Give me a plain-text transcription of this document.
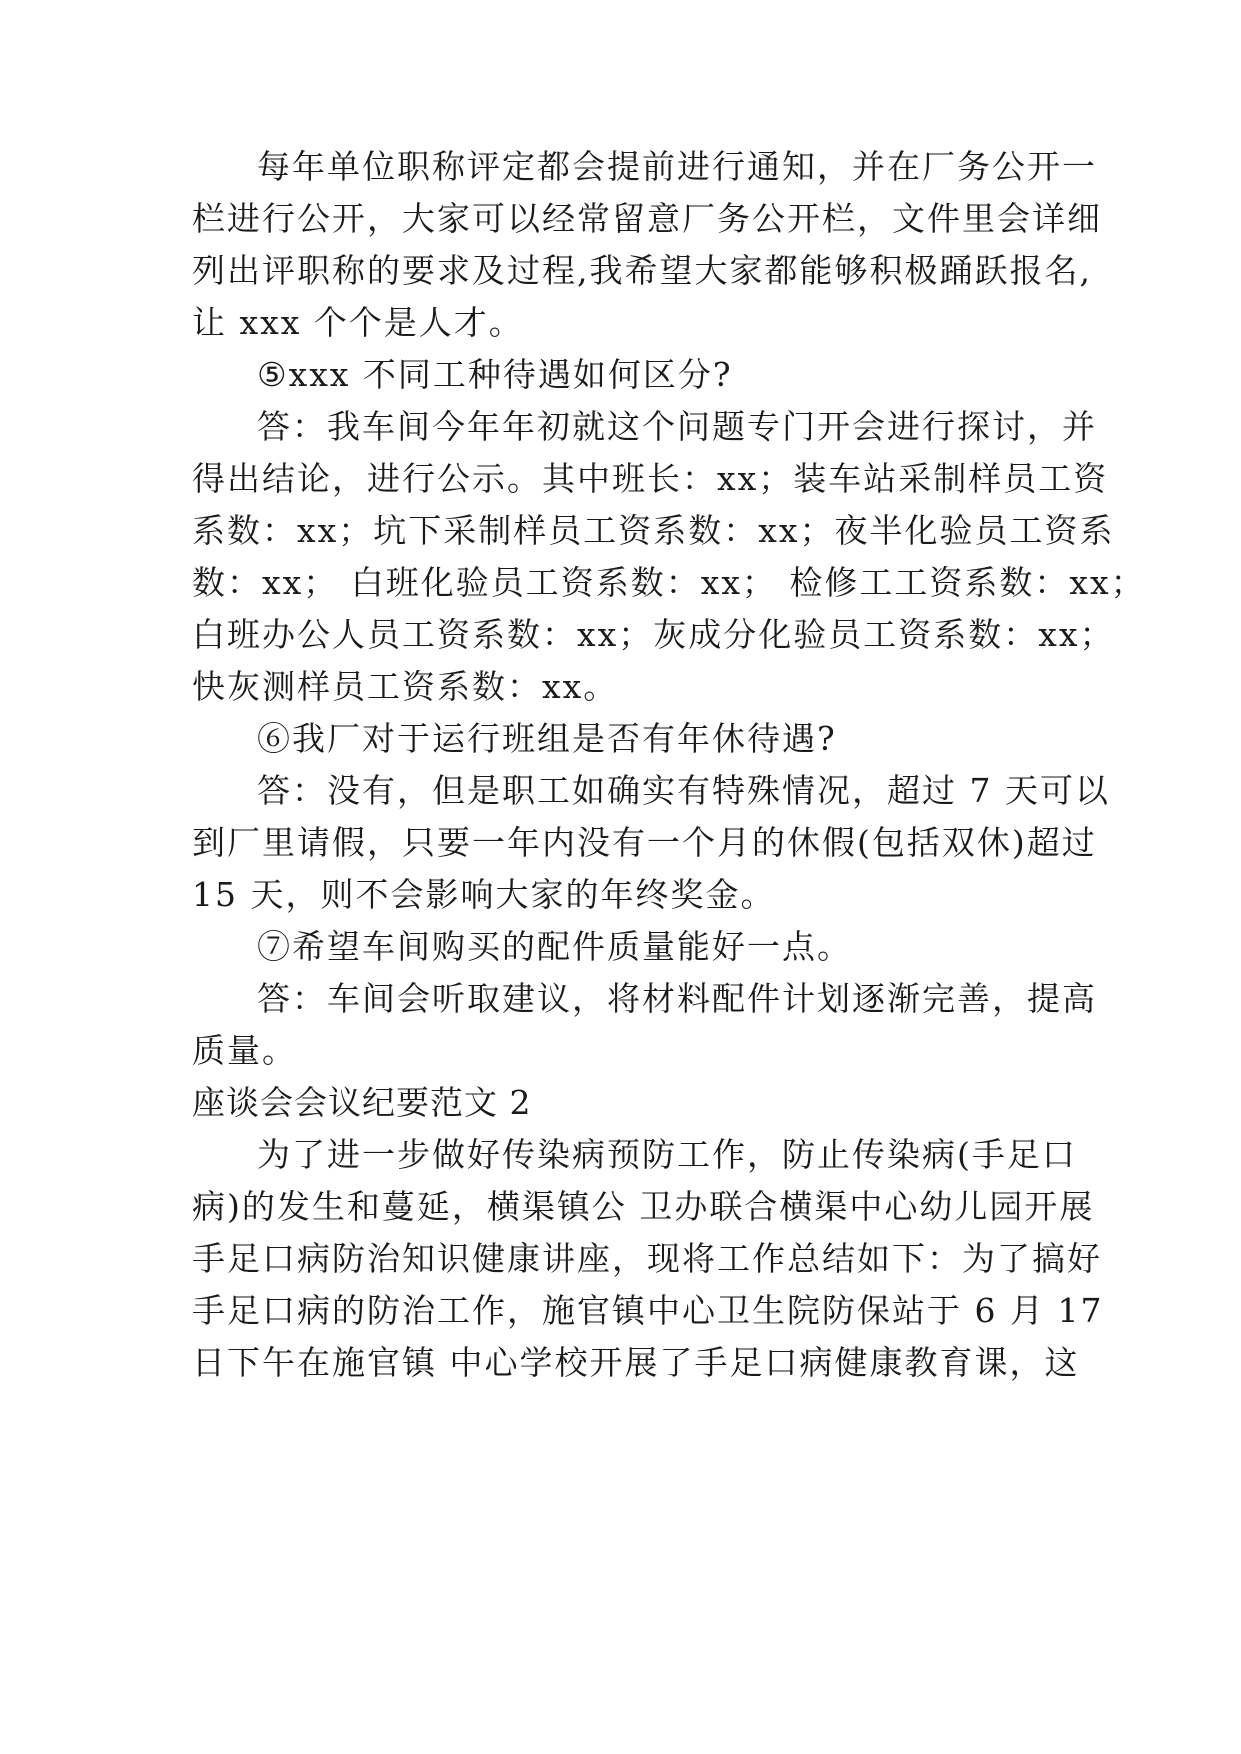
每年单位职称评定都会提前进行通知，并在厂务公开一
栏进行公开，大家可以经常留意厂务公开栏，文件里会详细
列出评职称的要求及过程,我希望大家都能够积极踊跃报名,
让 xxx 个个是人才。
⑤xxx 不同工种待遇如何区分?
答：我车间今年年初就这个问题专门开会进行探讨，并
得出结论，进行公示。其中班长：xx；装车站采制样员工资
系数：xx；坑下采制样员工资系数：xx；夜半化验员工资系
数：xx； 白班化验员工资系数：xx； 检修工工资系数：xx；
白班办公人员工资系数：xx；灰成分化验员工资系数：xx；
快灰测样员工资系数：xx。
⑥我厂对于运行班组是否有年休待遇?
答：没有，但是职工如确实有特殊情况，超过 7 天可以
到厂里请假，只要一年内没有一个月的休假(包括双休)超过
15 天，则不会影响大家的年终奖金。
⑦希望车间购买的配件质量能好一点。
答：车间会听取建议，将材料配件计划逐渐完善，提高
质量。
座谈会会议纪要范文 2
为了进一步做好传染病预防工作，防止传染病(手足口
病)的发生和蔓延，横渠镇公 卫办联合横渠中心幼儿园开展
手足口病防治知识健康讲座，现将工作总结如下：为了搞好
手足口病的防治工作，施官镇中心卫生院防保站于 6 月 17
日下午在施官镇 中心学校开展了手足口病健康教育课，这
